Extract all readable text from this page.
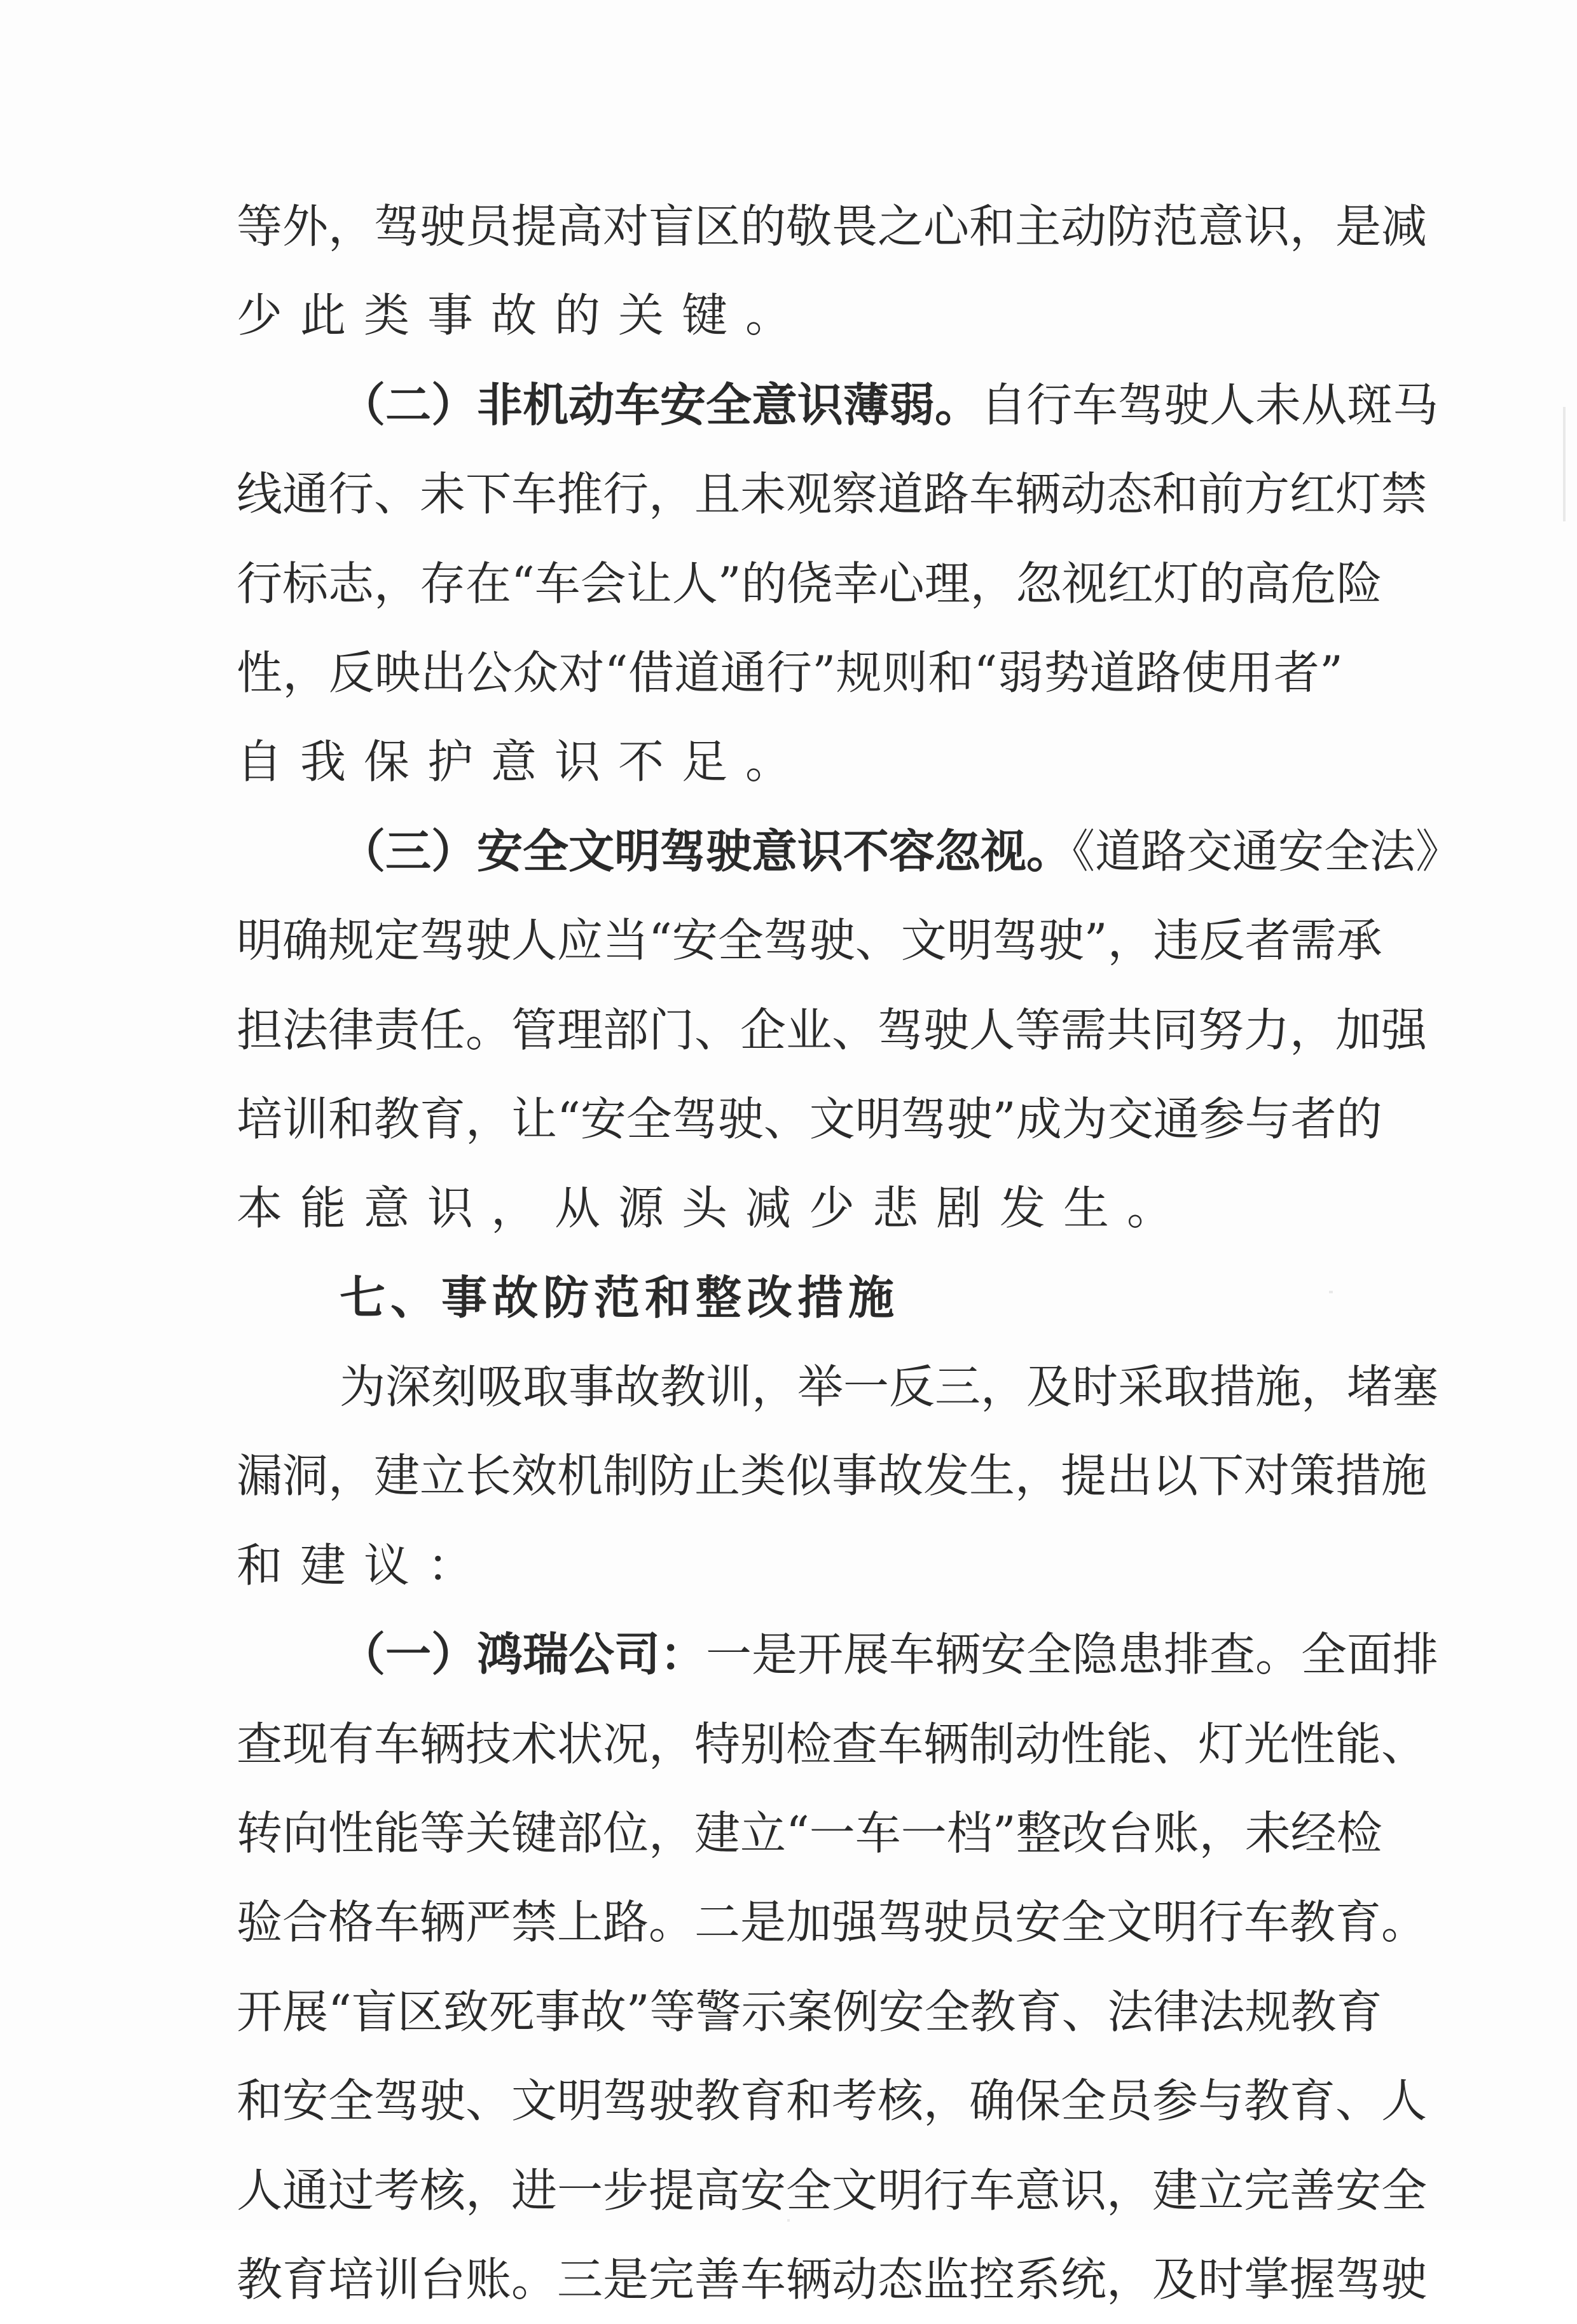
等外，驾驶员提高对盲区的敬畏之心和主动防范意识，是减
少此类事故的关键。
（二）非机动车安全意识薄弱。自行车驾驶人未从斑马
线通行、未下车推行，且未观察道路车辆动态和前方红灯禁
行标志，存在“车会让人”的侥幸心理，忽视红灯的高危险
性，反映出公众对“借道通行”规则和“弱势道路使用者”
自我保护意识不足。
（三）安全文明驾驶意识不容忽视。《道路交通安全法》
明确规定驾驶人应当“安全驾驶、文明驾驶”，违反者需承
担法律责任。管理部门、企业、驾驶人等需共同努力，加强
培训和教育，让“安全驾驶、文明驾驶”成为交通参与者的
本能意识，从源头减少悲剧发生。
七、事故防范和整改措施
为深刻吸取事故教训，举一反三，及时采取措施，堵塞
漏洞，建立长效机制防止类似事故发生，提出以下对策措施
和建议：
（一）鸿瑞公司：一是开展车辆安全隐患排查。全面排
查现有车辆技术状况，特别检查车辆制动性能、灯光性能、
转向性能等关键部位，建立“一车一档”整改台账，未经检
验合格车辆严禁上路。二是加强驾驶员安全文明行车教育。
开展“盲区致死事故”等警示案例安全教育、法律法规教育
和安全驾驶、文明驾驶教育和考核，确保全员参与教育、人
人通过考核，进一步提高安全文明行车意识，建立完善安全
教育培训台账。三是完善车辆动态监控系统，及时掌握驾驶
